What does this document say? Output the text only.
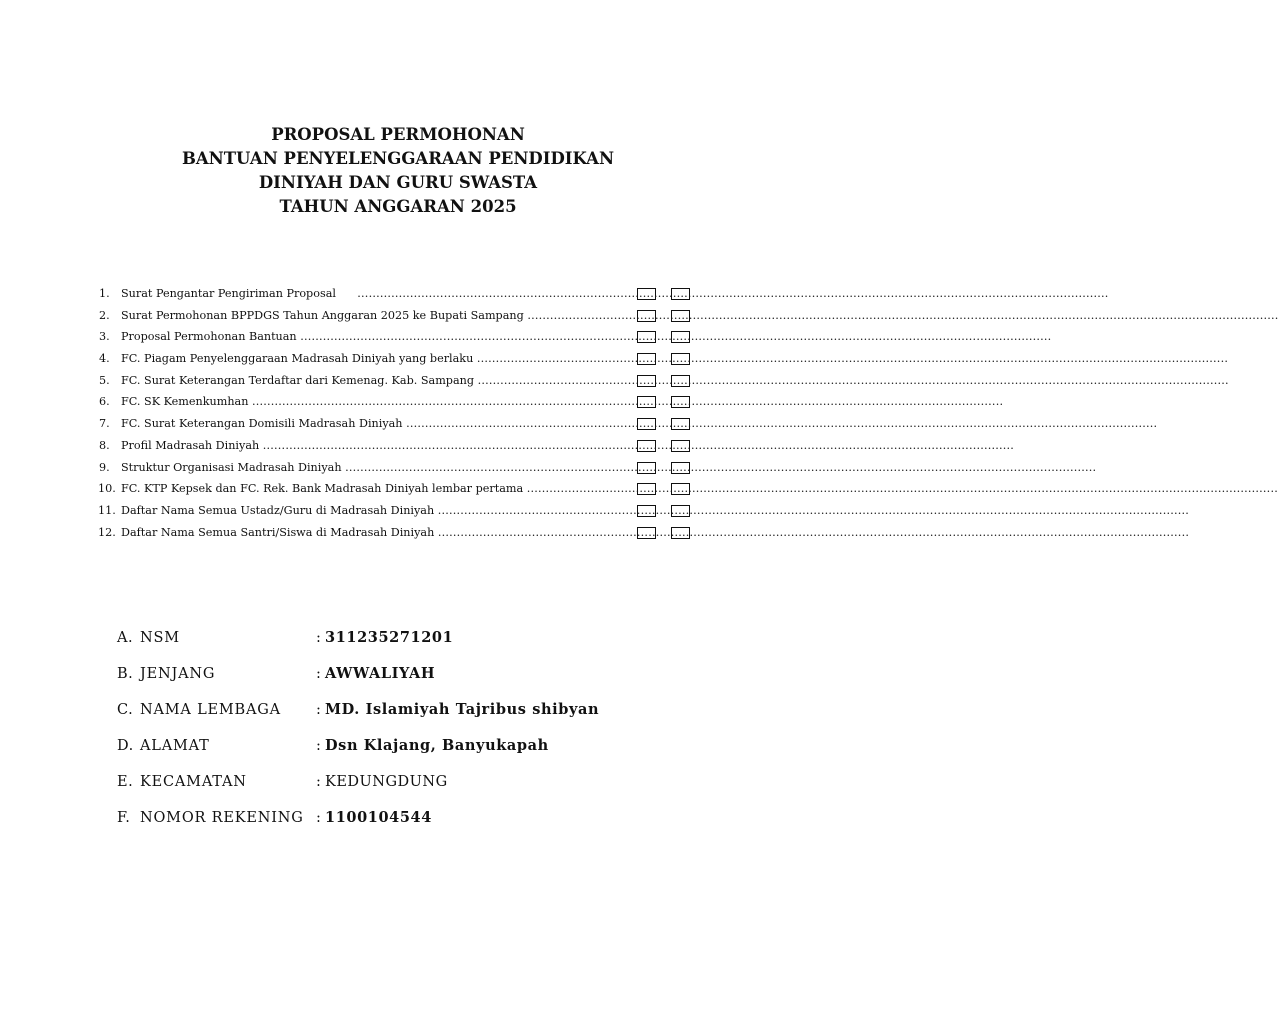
PROPOSAL PERMOHONAN
BANTUAN PENYELENGGARAAN PENDIDIKAN
DINIYAH DAN GURU SWASTA
TAHUN ANGGARAN 2025
1. Surat Pengantar Pengiriman Proposal      ........................................................................................................................................................................................................
2. Surat Permohonan BPPDGS Tahun Anggaran 2025 ke Bupati Sampang ........................................................................................................................................................................................................
3. Proposal Permohonan Bantuan ........................................................................................................................................................................................................
4. FC. Piagam Penyelenggaraan Madrasah Diniyah yang berlaku ........................................................................................................................................................................................................
5. FC. Surat Keterangan Terdaftar dari Kemenag. Kab. Sampang ........................................................................................................................................................................................................
6. FC. SK Kemenkumhan ........................................................................................................................................................................................................
7. FC. Surat Keterangan Domisili Madrasah Diniyah ........................................................................................................................................................................................................
8. Profil Madrasah Diniyah ........................................................................................................................................................................................................
9. Struktur Organisasi Madrasah Diniyah ........................................................................................................................................................................................................
10. FC. KTP Kepsek dan FC. Rek. Bank Madrasah Diniyah lembar pertama ........................................................................................................................................................................................................
11. Daftar Nama Semua Ustadz/Guru di Madrasah Diniyah ........................................................................................................................................................................................................
12. Daftar Nama Semua Santri/Siswa di Madrasah Diniyah ........................................................................................................................................................................................................
A. NSM	: 311235271201
B. JENJANG	: AWWALIYAH
C. NAMA LEMBAGA : MD. Islamiyah Tajribus shibyan
D. ALAMAT	: Dsn Klajang, Banyukapah
E. KECAMATAN	: KEDUNGDUNG
F. NOMOR REKENING : 1100104544
